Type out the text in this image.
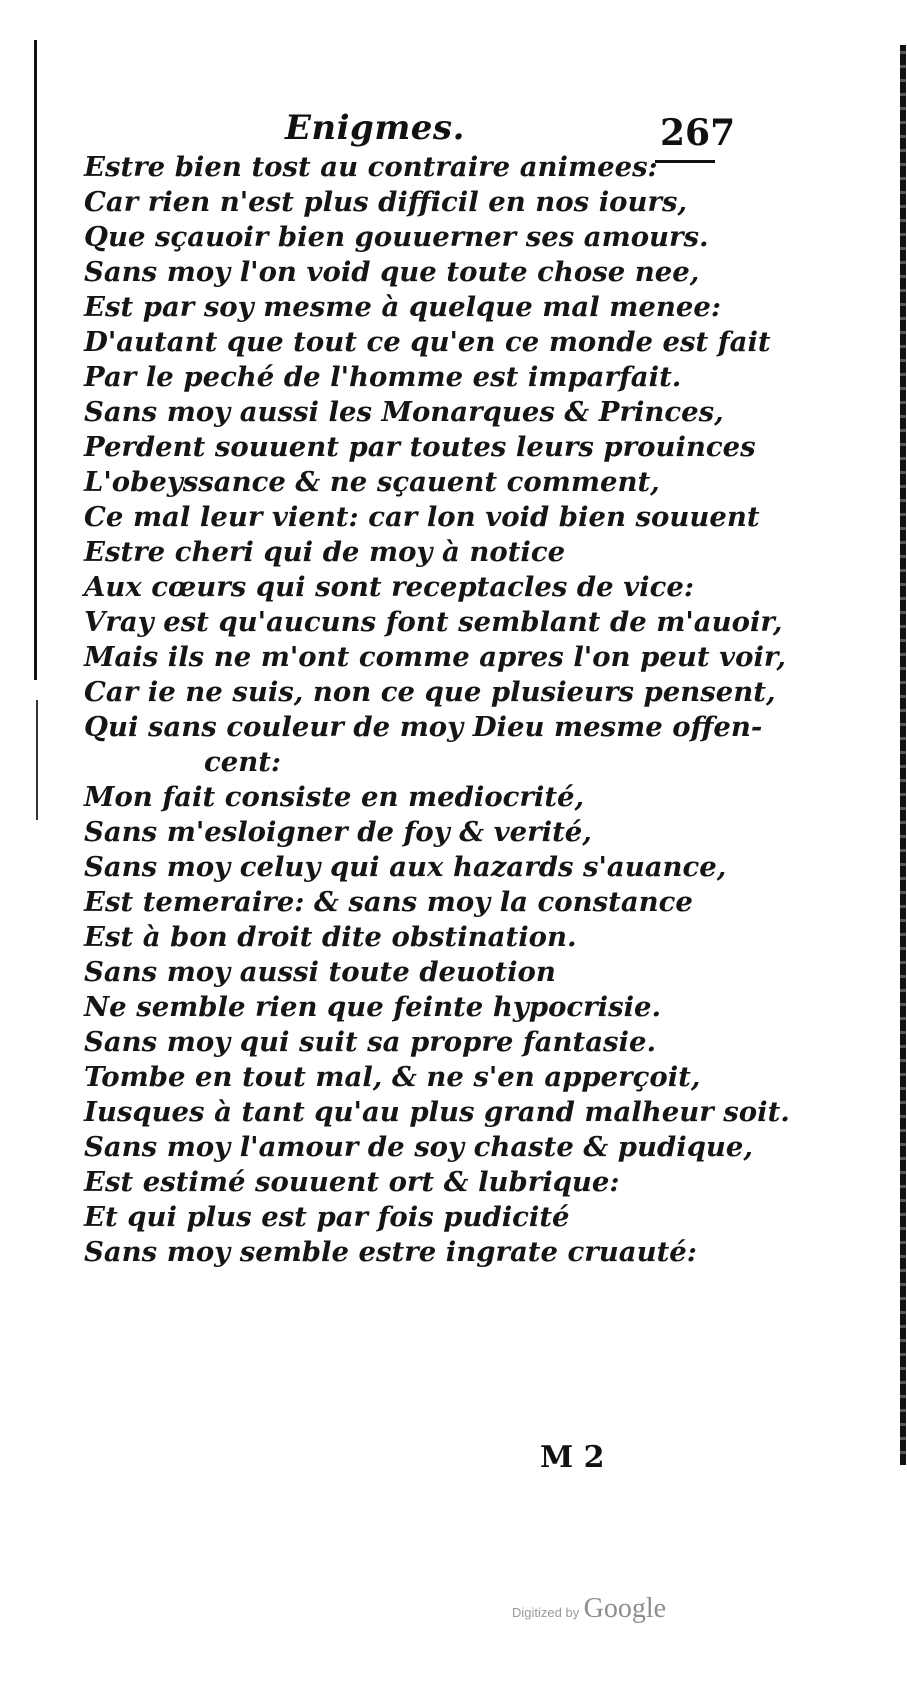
Enigmes.	267
Estre bien tost au contraire animees:
Car rien n'est plus difficil en nos iours,
Que sçauoir bien gouuerner ses amours.
Sans moy l'on void que toute chose nee,
Est par soy mesme à quelque mal menee:
D'autant que tout ce qu'en ce monde est fait
Par le peché de l'homme est imparfait.
Sans moy aussi les Monarques & Princes,
Perdent souuent par toutes leurs prouinces
L'obeyssance & ne sçauent comment,
Ce mal leur vient: car lon void bien souuent
Estre cheri qui de moy à notice
Aux cœurs qui sont receptacles de vice:
Vray est qu'aucuns font semblant de m'auoir,
Mais ils ne m'ont comme apres l'on peut voir,
Car ie ne suis, non ce que plusieurs pensent,
Qui sans couleur de moy Dieu mesme offen-
cent:
Mon fait consiste en mediocrité,
Sans m'esloigner de foy & verité,
Sans moy celuy qui aux hazards s'auance,
Est temeraire: & sans moy la constance
Est à bon droit dite obstination.
Sans moy aussi toute deuotion
Ne semble rien que feinte hypocrisie.
Sans moy qui suit sa propre fantasie.
Tombe en tout mal, & ne s'en apperçoit,
Iusques à tant qu'au plus grand malheur soit.
Sans moy l'amour de soy chaste & pudique,
Est estimé souuent ort & lubrique:
Et qui plus est par fois pudicité
Sans moy semble estre ingrate cruauté:
M 2
Digitized by Google
